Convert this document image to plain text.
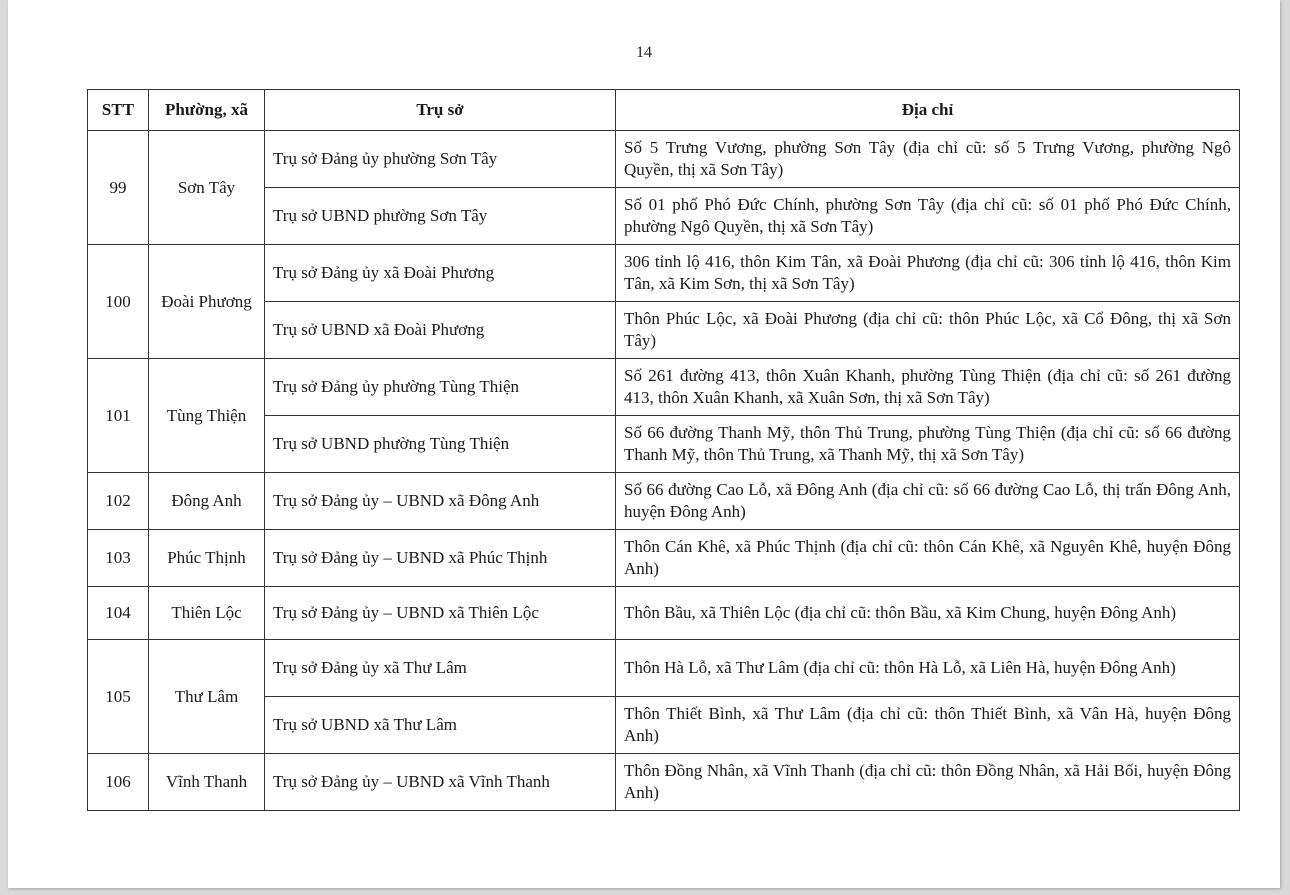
14
STT	Phường, xã	Trụ sở	Địa chỉ
99	Sơn Tây	Trụ sở Đảng ủy phường Sơn Tây	Số 5 Trưng Vương, phường Sơn Tây (địa chỉ cũ: số 5 Trưng Vương, phường Ngô Quyền, thị xã Sơn Tây)
		Trụ sở UBND phường Sơn Tây	Số 01 phố Phó Đức Chính, phường Sơn Tây (địa chỉ cũ: số 01 phố Phó Đức Chính, phường Ngô Quyền, thị xã Sơn Tây)
100	Đoài Phương	Trụ sở Đảng ủy xã Đoài Phương	306 tỉnh lộ 416, thôn Kim Tân, xã Đoài Phương (địa chỉ cũ: 306 tỉnh lộ 416, thôn Kim Tân, xã Kim Sơn, thị xã Sơn Tây)
		Trụ sở UBND xã Đoài Phương	Thôn Phúc Lộc, xã Đoài Phương (địa chỉ cũ: thôn Phúc Lộc, xã Cổ Đông, thị xã Sơn Tây)
101	Tùng Thiện	Trụ sở Đảng ủy phường Tùng Thiện	Số 261 đường 413, thôn Xuân Khanh, phường Tùng Thiện (địa chỉ cũ: số 261 đường 413, thôn Xuân Khanh, xã Xuân Sơn, thị xã Sơn Tây)
		Trụ sở UBND phường Tùng Thiện	Số 66 đường Thanh Mỹ, thôn Thủ Trung, phường Tùng Thiện (địa chỉ cũ: số 66 đường Thanh Mỹ, thôn Thủ Trung, xã Thanh Mỹ, thị xã Sơn Tây)
102	Đông Anh	Trụ sở Đảng ủy – UBND xã Đông Anh	Số 66 đường Cao Lỗ, xã Đông Anh (địa chỉ cũ: số 66 đường Cao Lỗ, thị trấn Đông Anh, huyện Đông Anh)
103	Phúc Thịnh	Trụ sở Đảng ủy – UBND xã Phúc Thịnh	Thôn Cán Khê, xã Phúc Thịnh (địa chỉ cũ: thôn Cán Khê, xã Nguyên Khê, huyện Đông Anh)
104	Thiên Lộc	Trụ sở Đảng ủy – UBND xã Thiên Lộc	Thôn Bầu, xã Thiên Lộc (địa chỉ cũ: thôn Bầu, xã Kim Chung, huyện Đông Anh)
105	Thư Lâm	Trụ sở Đảng ủy xã Thư Lâm	Thôn Hà Lỗ, xã Thư Lâm (địa chỉ cũ: thôn Hà Lỗ, xã Liên Hà, huyện Đông Anh)
		Trụ sở UBND xã Thư Lâm	Thôn Thiết Bình, xã Thư Lâm (địa chỉ cũ: thôn Thiết Bình, xã Vân Hà, huyện Đông Anh)
106	Vĩnh Thanh	Trụ sở Đảng ủy – UBND xã Vĩnh Thanh	Thôn Đồng Nhân, xã Vĩnh Thanh (địa chỉ cũ: thôn Đồng Nhân, xã Hải Bối, huyện Đông Anh)
